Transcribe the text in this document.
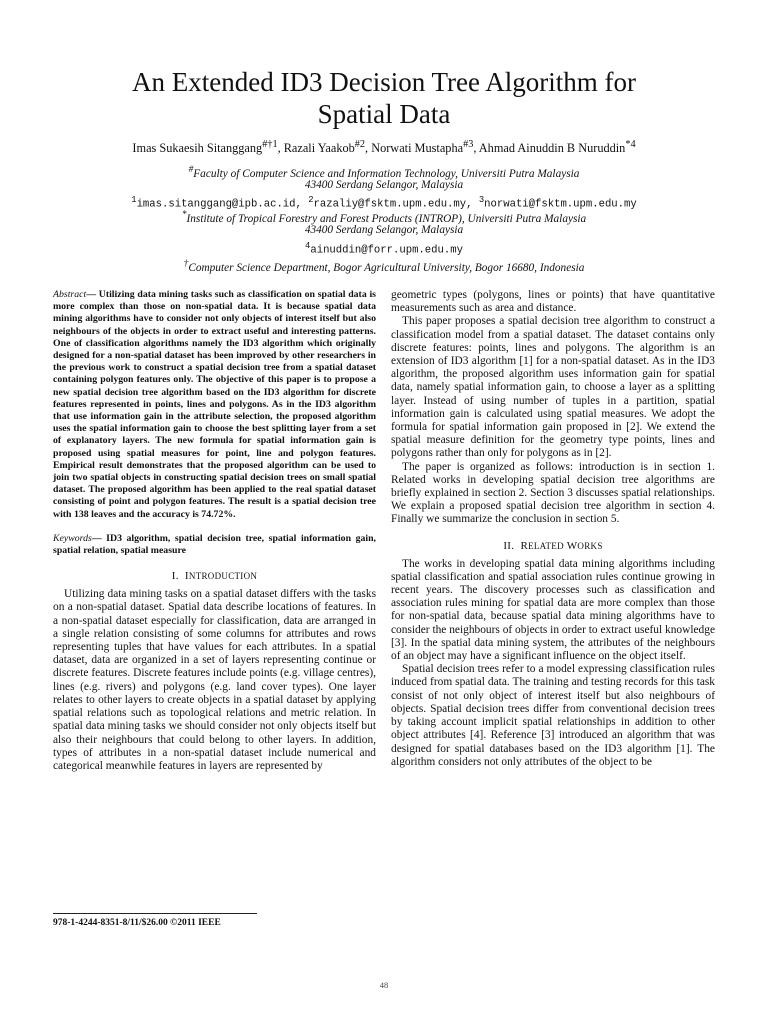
An Extended ID3 Decision Tree Algorithm for
Spatial Data
Imas Sukaesih Sitanggang$^{\#\dagger 1}$, Razali Yaakob$^{\#2}$, Norwati Mustapha$^{\#3}$, Ahmad Ainuddin B Nuruddin$^{*4}$
#Faculty of Computer Science and Information Technology, Universiti Putra Malaysia
43400 Serdang Selangor, Malaysia
$^1$imas.sitanggang@ipb.ac.id, $^2$razaliy@fsktm.upm.edu.my, $^3$norwati@fsktm.upm.edu.my
*Institute of Tropical Forestry and Forest Products (INTROP), Universiti Putra Malaysia
43400 Serdang Selangor, Malaysia
$^4$ainuddin@forr.upm.edu.my
†Computer Science Department, Bogor Agricultural University, Bogor 16680, Indonesia

Abstract— Utilizing data mining tasks such as classification on spatial data is more complex than those on non-spatial data. It is because spatial data mining algorithms have to consider not only objects of interest itself but also neighbours of the objects in order to extract useful and interesting patterns. One of classification algorithms namely the ID3 algorithm which originally designed for a non-spatial dataset has been improved by other researchers in the previous work to construct a spatial decision tree from a spatial dataset containing polygon features only. The objective of this paper is to propose a new spatial decision tree algorithm based on the ID3 algorithm for discrete features represented in points, lines and polygons. As in the ID3 algorithm that use information gain in the attribute selection, the proposed algorithm uses the spatial information gain to choose the best splitting layer from a set of explanatory layers. The new formula for spatial information gain is proposed using spatial measures for point, line and polygon features. Empirical result demonstrates that the proposed algorithm can be used to join two spatial objects in constructing spatial decision trees on small spatial dataset. The proposed algorithm has been applied to the real spatial dataset consisting of point and polygon features. The result is a spatial decision tree with 138 leaves and the accuracy is 74.72%.

Keywords— ID3 algorithm, spatial decision tree, spatial information gain, spatial relation, spatial measure

I. INTRODUCTION

Utilizing data mining tasks on a spatial dataset differs with the tasks on a non-spatial dataset. Spatial data describe locations of features. In a non-spatial dataset especially for classification, data are arranged in a single relation consisting of some columns for attributes and rows representing tuples that have values for each attributes. In a spatial dataset, data are organized in a set of layers representing continue or discrete features. Discrete features include points (e.g. village centres), lines (e.g. rivers) and polygons (e.g. land cover types). One layer relates to other layers to create objects in a spatial dataset by applying spatial relations such as topological relations and metric relation. In spatial data mining tasks we should consider not only objects itself but also their neighbours that could belong to other layers. In addition, types of attributes in a non-spatial dataset include numerical and categorical meanwhile features in layers are represented by

geometric types (polygons, lines or points) that have quantitative measurements such as area and distance.

This paper proposes a spatial decision tree algorithm to construct a classification model from a spatial dataset. The dataset contains only discrete features: points, lines and polygons. The algorithm is an extension of ID3 algorithm [1] for a non-spatial dataset. As in the ID3 algorithm, the proposed algorithm uses information gain for spatial data, namely spatial information gain, to choose a layer as a splitting layer. Instead of using number of tuples in a partition, spatial information gain is calculated using spatial measures. We adopt the formula for spatial information gain proposed in [2]. We extend the spatial measure definition for the geometry type points, lines and polygons rather than only for polygons as in [2].

The paper is organized as follows: introduction is in section 1. Related works in developing spatial decision tree algorithms are briefly explained in section 2. Section 3 discusses spatial relationships. We explain a proposed spatial decision tree algorithm in section 4. Finally we summarize the conclusion in section 5.

II. RELATED WORKS

The works in developing spatial data mining algorithms including spatial classification and spatial association rules continue growing in recent years. The discovery processes such as classification and association rules mining for spatial data are more complex than those for non-spatial data, because spatial data mining algorithms have to consider the neighbours of objects in order to extract useful knowledge [3]. In the spatial data mining system, the attributes of the neighbours of an object may have a significant influence on the object itself.

Spatial decision trees refer to a model expressing classification rules induced from spatial data. The training and testing records for this task consist of not only object of interest itself but also neighbours of objects. Spatial decision trees differ from conventional decision trees by taking account implicit spatial relationships in addition to other object attributes [4]. Reference [3] introduced an algorithm that was designed for spatial databases based on the ID3 algorithm [1]. The algorithm considers not only attributes of the object to be

978-1-4244-8351-8/11/$26.00 ©2011 IEEE
48
